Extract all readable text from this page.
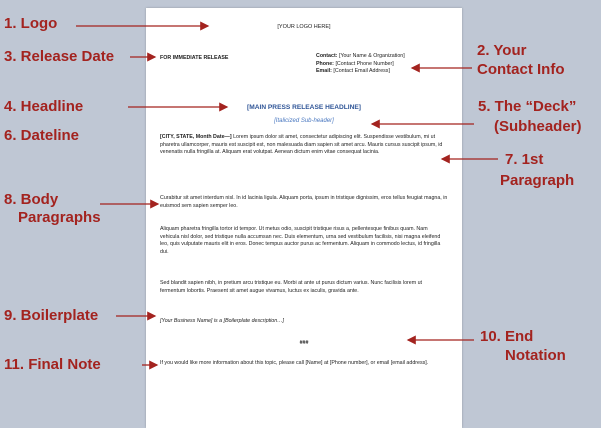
[YOUR LOGO HERE]
FOR IMMEDIATE RELEASE	Contact: [Your Name & Organization]
Phone: [Contact Phone Number]
Email: [Contact Email Address]
[MAIN PRESS RELEASE HEADLINE]
[Italicized Sub-header]
[CITY, STATE, Month Date—] Lorem ipsum dolor sit amet, consectetur adipiscing elit. Suspendisse vestibulum, mi ut pharetra ullamcorper, mauris est suscipit est, non malesuada diam sapien sit amet arcu. Mauris cursus suscipit ipsum, id venenatis nulla fringilla at. Aliquam erat volutpat. Aenean dictum enim vitae consequat lacinia.
Curabitur sit amet interdum nisl. In id lacinia ligula. Aliquam porta, ipsum in tristique dignissim, eros tellus feugiat magna, in euismod sem sapien semper leo.
Aliquam pharetra fringilla tortor id tempor. Ut metus odio, suscipit tristique risus a, pellentesque finibus quam. Nam vehicula nisl dolor, sed tristique nulla accumsan nec. Duis elementum, urna sed vestibulum facilisis, nisi magna eleifend leo, quis vulputate mauris elit in eros. Donec tempus auctor purus ac fermentum. Aliquam in commodo lectus, id fringilla dui.
Sed blandit sapien nibh, in pretium arcu tristique eu. Morbi at ante ut purus dictum varius. Nunc facilisis lorem ut fermentum lobortis. Praesent sit amet augue vivamus, luctus ex iaculis, gravida ante.
[Your Business Name] is a [Boilerplate description…]
###
If you would like more information about this topic, please call [Name] at [Phone number], or email [email address].
1. Logo
3. Release Date	2. Your
Contact Info
4. Headline
6. Dateline
5. The “Deck”
(Subheader)
7. 1st
Paragraph
8. Body
Paragraphs
9. Boilerplate
10. End
Notation
11. Final Note
